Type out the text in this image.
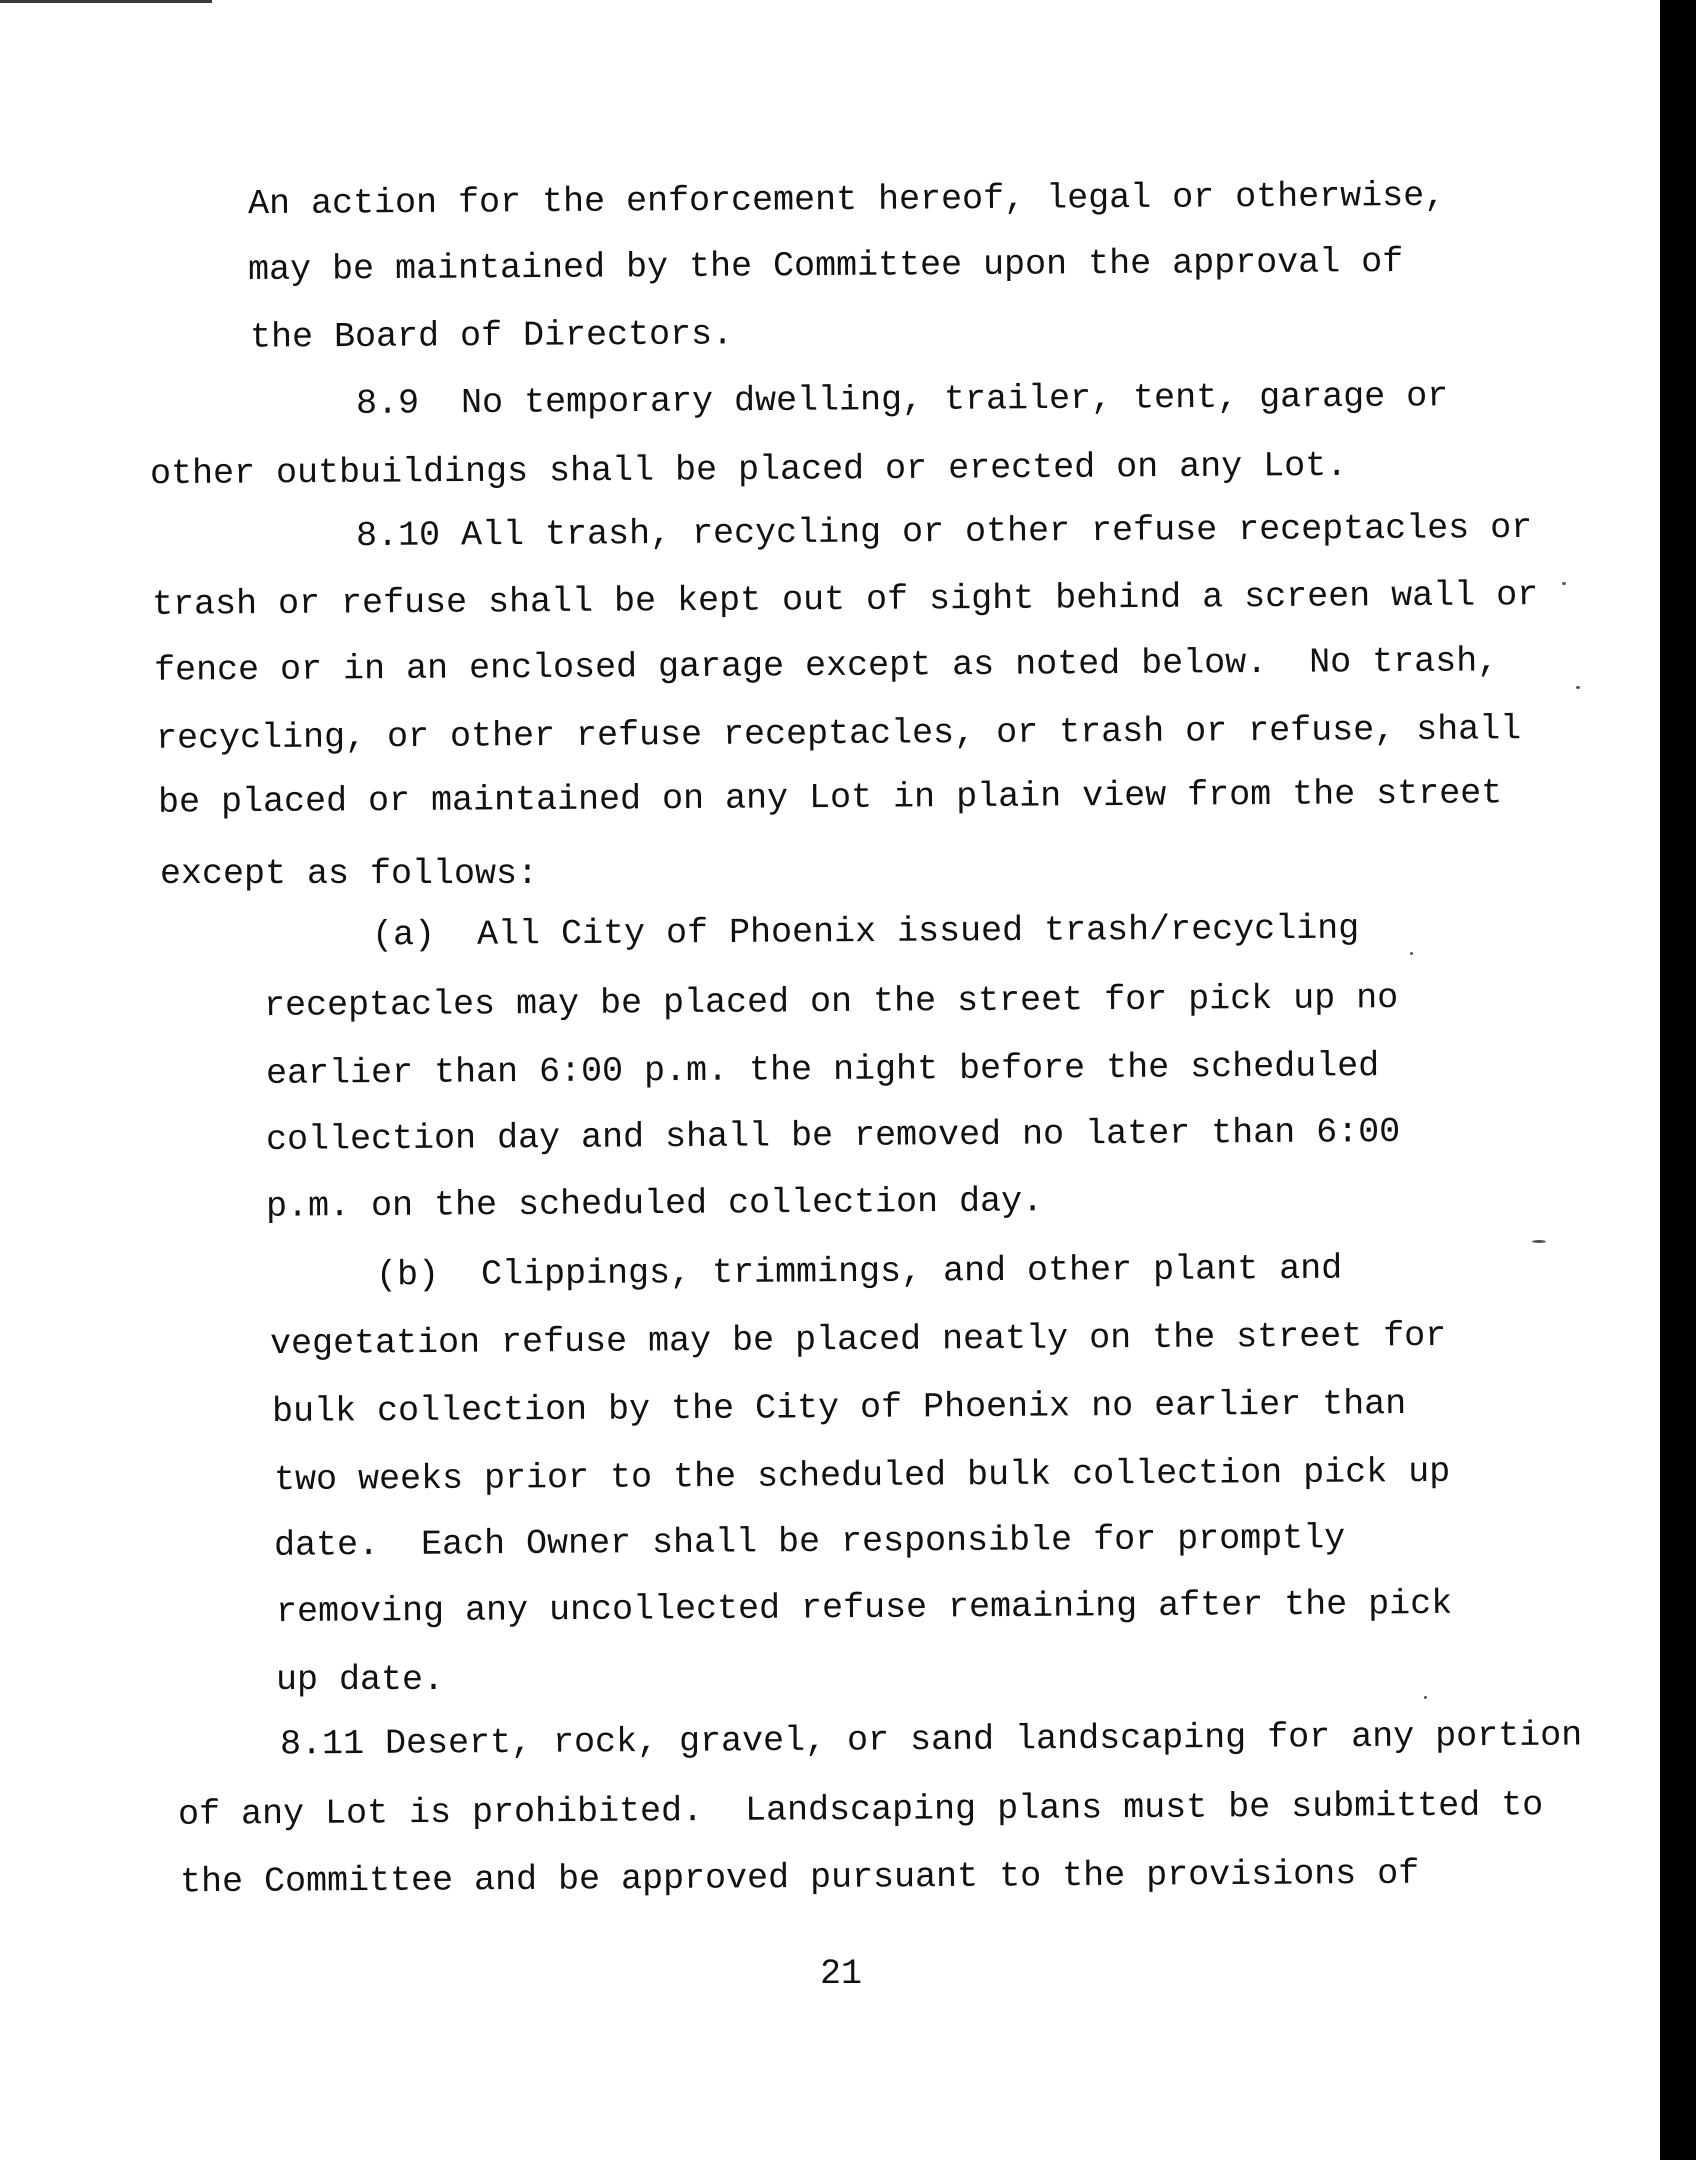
An action for the enforcement hereof, legal or otherwise,
may be maintained by the Committee upon the approval of
the Board of Directors.
8.9  No temporary dwelling, trailer, tent, garage or
other outbuildings shall be placed or erected on any Lot.
8.10 All trash, recycling or other refuse receptacles or
trash or refuse shall be kept out of sight behind a screen wall or
fence or in an enclosed garage except as noted below.  No trash,
recycling, or other refuse receptacles, or trash or refuse, shall
be placed or maintained on any Lot in plain view from the street
except as follows:
(a)  All City of Phoenix issued trash/recycling
receptacles may be placed on the street for pick up no
earlier than 6:00 p.m. the night before the scheduled
collection day and shall be removed no later than 6:00
p.m. on the scheduled collection day.
(b)  Clippings, trimmings, and other plant and
vegetation refuse may be placed neatly on the street for
bulk collection by the City of Phoenix no earlier than
two weeks prior to the scheduled bulk collection pick up
date.  Each Owner shall be responsible for promptly
removing any uncollected refuse remaining after the pick
up date.
8.11 Desert, rock, gravel, or sand landscaping for any portion
of any Lot is prohibited.  Landscaping plans must be submitted to
the Committee and be approved pursuant to the provisions of
21
